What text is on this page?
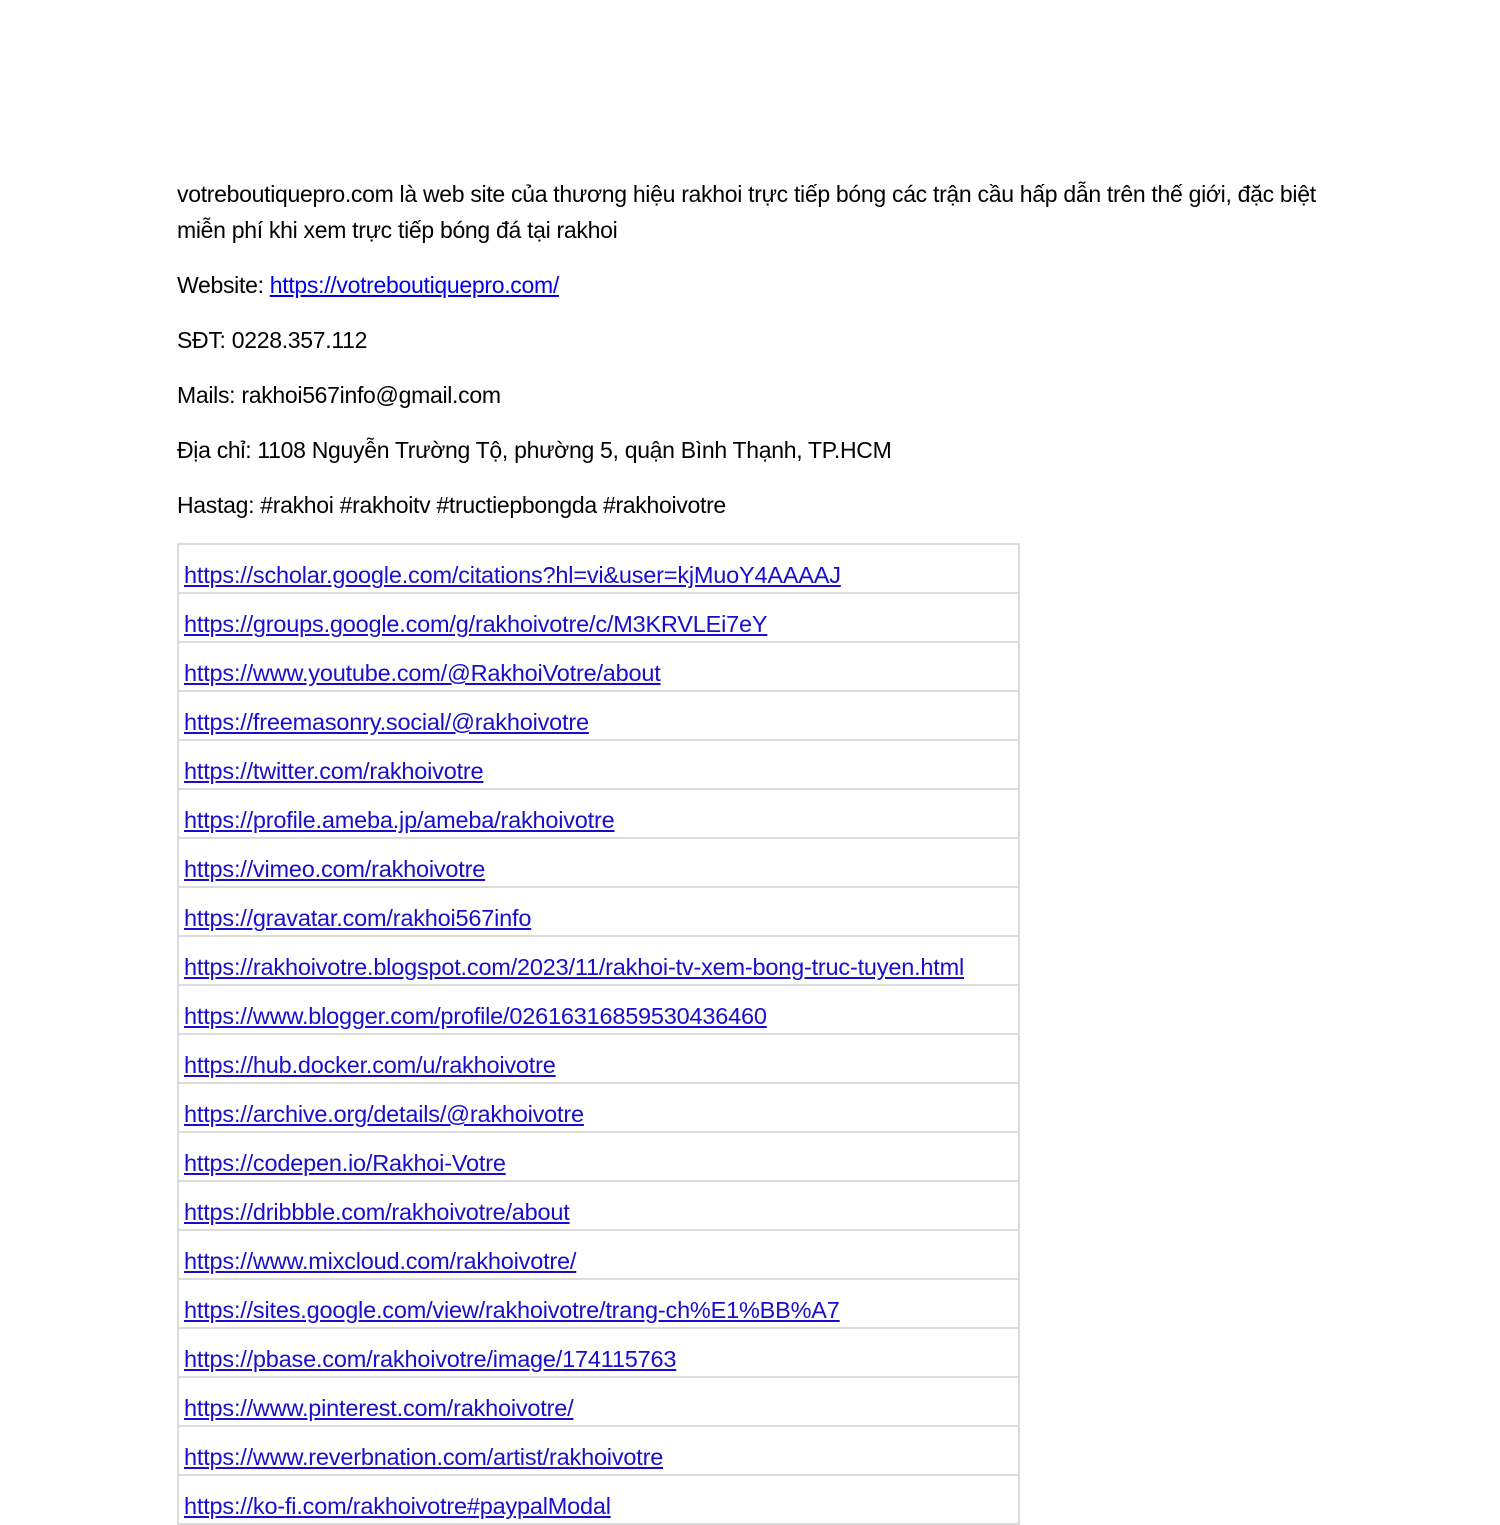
votreboutiquepro.com là web site của thương hiệu rakhoi trực tiếp bóng các trận cầu hấp dẫn trên thế giới, đặc biệt miễn phí khi xem trực tiếp bóng đá tại rakhoi

Website: https://votreboutiquepro.com/

SĐT: 0228.357.112

Mails: rakhoi567info@gmail.com

Địa chỉ: 1108 Nguyễn Trường Tộ, phường 5, quận Bình Thạnh, TP.HCM

Hastag: #rakhoi #rakhoitv #tructiepbongda #rakhoivotre

https://scholar.google.com/citations?hl=vi&user=kjMuoY4AAAAJ
https://groups.google.com/g/rakhoivotre/c/M3KRVLEi7eY
https://www.youtube.com/@RakhoiVotre/about
https://freemasonry.social/@rakhoivotre
https://twitter.com/rakhoivotre
https://profile.ameba.jp/ameba/rakhoivotre
https://vimeo.com/rakhoivotre
https://gravatar.com/rakhoi567info
https://rakhoivotre.blogspot.com/2023/11/rakhoi-tv-xem-bong-truc-tuyen.html
https://www.blogger.com/profile/02616316859530436460
https://hub.docker.com/u/rakhoivotre
https://archive.org/details/@rakhoivotre
https://codepen.io/Rakhoi-Votre
https://dribbble.com/rakhoivotre/about
https://www.mixcloud.com/rakhoivotre/
https://sites.google.com/view/rakhoivotre/trang-ch%E1%BB%A7
https://pbase.com/rakhoivotre/image/174115763
https://www.pinterest.com/rakhoivotre/
https://www.reverbnation.com/artist/rakhoivotre
https://ko-fi.com/rakhoivotre#paypalModal
